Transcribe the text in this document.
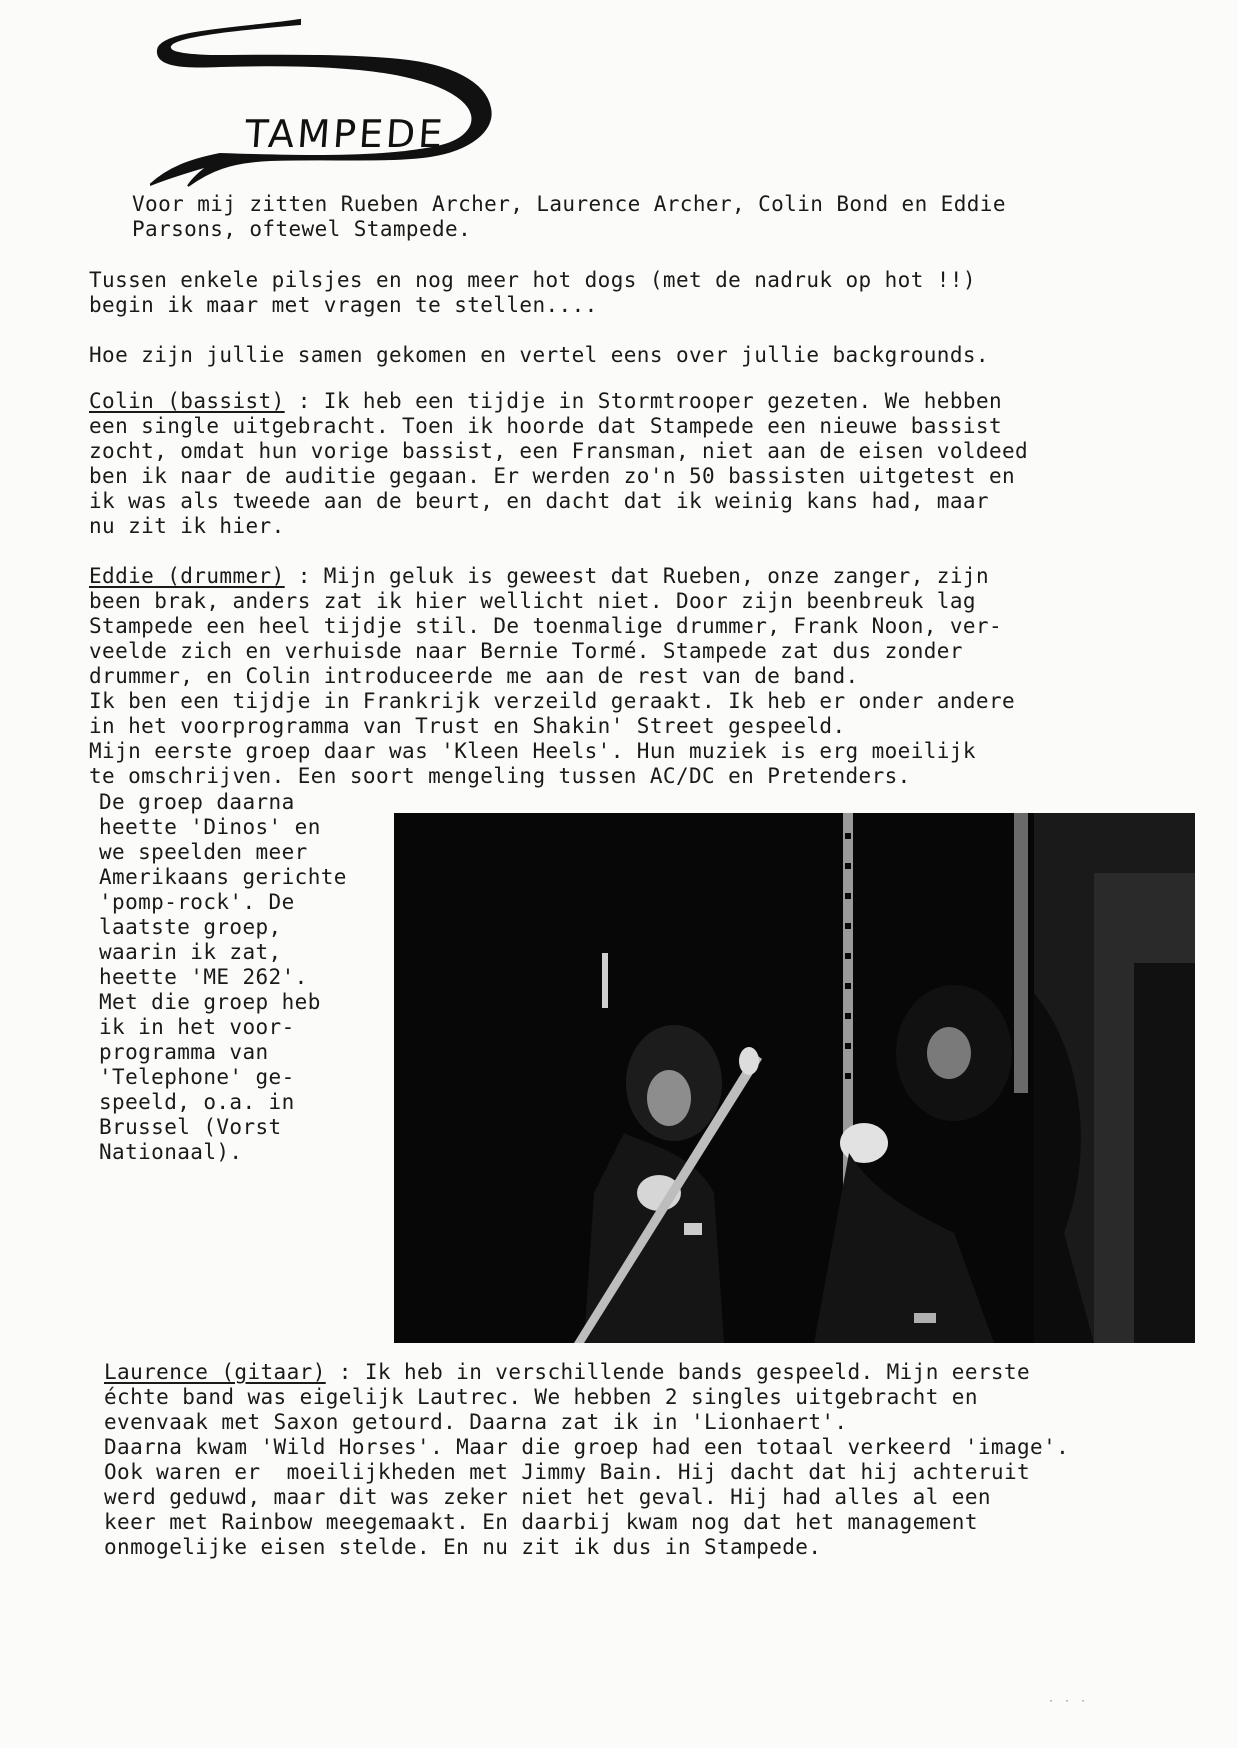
TAMPEDE

Voor mij zitten Rueben Archer, Laurence Archer, Colin Bond en Eddie
Parsons, oftewel Stampede.

Tussen enkele pilsjes en nog meer hot dogs (met de nadruk op hot !!)
begin ik maar met vragen te stellen....

Hoe zijn jullie samen gekomen en vertel eens over jullie backgrounds.

Colin (bassist) : Ik heb een tijdje in Stormtrooper gezeten. We hebben
een single uitgebracht. Toen ik hoorde dat Stampede een nieuwe bassist
zocht, omdat hun vorige bassist, een Fransman, niet aan de eisen voldeed
ben ik naar de auditie gegaan. Er werden zo'n 50 bassisten uitgetest en
ik was als tweede aan de beurt, en dacht dat ik weinig kans had, maar
nu zit ik hier.

Eddie (drummer) : Mijn geluk is geweest dat Rueben, onze zanger, zijn
been brak, anders zat ik hier wellicht niet. Door zijn beenbreuk lag
Stampede een heel tijdje stil. De toenmalige drummer, Frank Noon, ver-
veelde zich en verhuisde naar Bernie Tormé. Stampede zat dus zonder
drummer, en Colin introduceerde me aan de rest van de band.
Ik ben een tijdje in Frankrijk verzeild geraakt. Ik heb er onder andere
in het voorprogramma van Trust en Shakin' Street gespeeld.
Mijn eerste groep daar was 'Kleen Heels'. Hun muziek is erg moeilijk
te omschrijven. Een soort mengeling tussen AC/DC en Pretenders.

De groep daarna
heette 'Dinos' en
we speelden meer
Amerikaans gerichte
'pomp-rock'. De
laatste groep,
waarin ik zat,
heette 'ME 262'.
Met die groep heb
ik in het voor-
programma van
'Telephone' ge-
speeld, o.a. in
Brussel (Vorst
Nationaal).

Laurence (gitaar) : Ik heb in verschillende bands gespeeld. Mijn eerste
échte band was eigelijk Lautrec. We hebben 2 singles uitgebracht en
evenvaak met Saxon getourd. Daarna zat ik in 'Lionhaert'.
Daarna kwam 'Wild Horses'. Maar die groep had een totaal verkeerd 'image'.
Ook waren er  moeilijkheden met Jimmy Bain. Hij dacht dat hij achteruit
werd geduwd, maar dit was zeker niet het geval. Hij had alles al een
keer met Rainbow meegemaakt. En daarbij kwam nog dat het management
onmogelijke eisen stelde. En nu zit ik dus in Stampede.

· · ·
